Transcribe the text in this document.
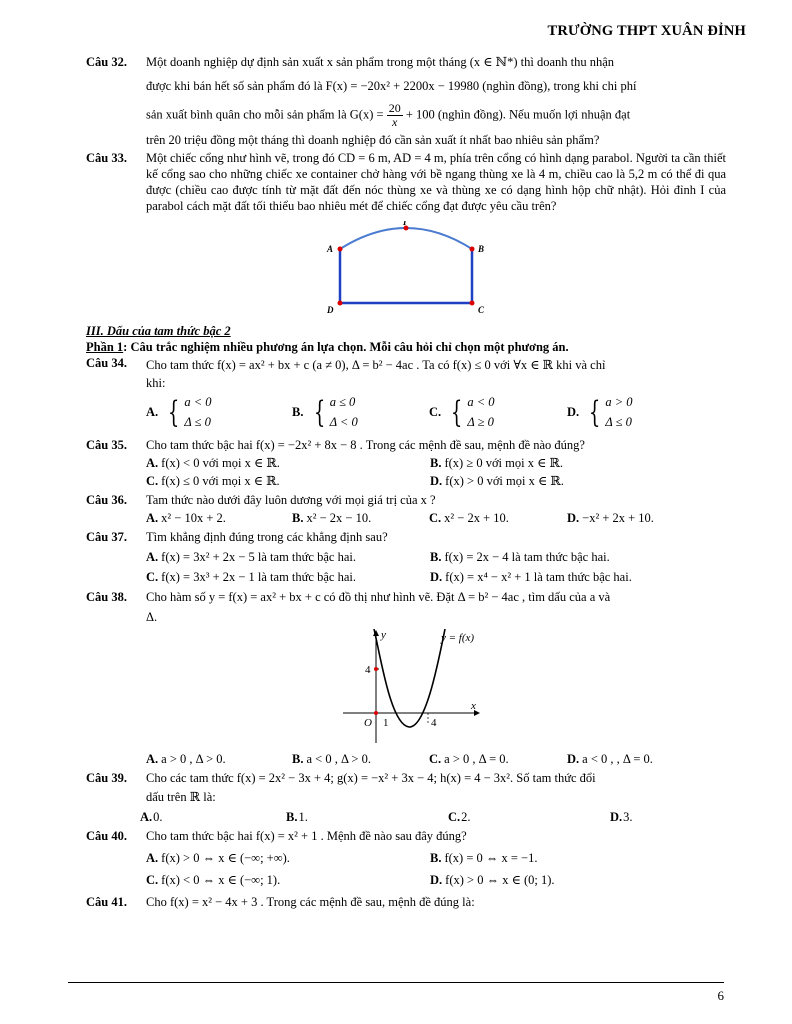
TRƯỜNG THPT XUÂN ĐỈNH
Câu 32. Một doanh nghiệp dự định sản xuất x sản phẩm trong một tháng (x ∈ ℕ*) thì doanh thu nhận
được khi bán hết số sản phẩm đó là F(x) = −20x² + 2200x − 19980 (nghìn đồng), trong khi chi phí
sản xuất bình quân cho mỗi sản phẩm là $G(x) = \frac{20}{x} + 100$ (nghìn đồng). Nếu muốn lợi nhuận đạt
trên 20 triệu đồng một tháng thì doanh nghiệp đó cần sản xuất ít nhất bao nhiêu sản phẩm?
Câu 33. Một chiếc cổng như hình vẽ, trong đó CD = 6 m, AD = 4 m, phía trên cổng có hình dạng parabol. Người ta cần thiết kế cổng sao cho những chiếc xe container chở hàng với bề ngang thùng xe là 4 m, chiều cao là 5,2 m có thể đi qua được (chiều cao được tính từ mặt đất đến nóc thùng xe và thùng xe có dạng hình hộp chữ nhật). Hỏi đỉnh I của parabol cách mặt đất tối thiểu bao nhiêu mét để chiếc cổng đạt được yêu cầu trên?
A	B
D	C
I
III. Dấu của tam thức bậc 2
Phần 1: Câu trắc nghiệm nhiều phương án lựa chọn. Mỗi câu hỏi chỉ chọn một phương án.
Câu 34. Cho tam thức f(x) = ax² + bx + c (a ≠ 0), Δ = b² − 4ac . Ta có f(x) ≤ 0 với ∀x ∈ ℝ khi và chỉ
khi:
A. { a < 0
Δ ≤ 0
B. { a ≤ 0
Δ < 0
C. { a < 0
Δ ≥ 0
D. { a > 0
Δ ≤ 0
Câu 35. Cho tam thức bậc hai f(x) = −2x² + 8x − 8 . Trong các mệnh đề sau, mệnh đề nào đúng?
A. f(x) < 0 với mọi x ∈ ℝ.	B. f(x) ≥ 0 với mọi x ∈ ℝ.
C. f(x) ≤ 0 với mọi x ∈ ℝ.	D. f(x) > 0 với mọi x ∈ ℝ.
Câu 36. Tam thức nào dưới đây luôn dương với mọi giá trị của x ?
A. x² − 10x + 2.	B. x² − 2x − 10.	C. x² − 2x + 10.	D. −x² + 2x + 10.
Câu 37. Tìm khẳng định đúng trong các khẳng định sau?
A. f(x) = 3x² + 2x − 5 là tam thức bậc hai.	B. f(x) = 2x − 4 là tam thức bậc hai.
C. f(x) = 3x³ + 2x − 1 là tam thức bậc hai.	D. f(x) = x⁴ − x² + 1 là tam thức bậc hai.
Câu 38. Cho hàm số y = f(x) = ax² + bx + c có đồ thị như hình vẽ. Đặt Δ = b² − 4ac , tìm dấu của a và
Δ.
y
x
y = f(x)
O 1	4
4
A. a > 0 , Δ > 0.	B. a < 0 , Δ > 0.	C. a > 0 , Δ = 0.	D. a < 0 , , Δ = 0.
Câu 39. Cho các tam thức f(x) = 2x² − 3x + 4; g(x) = −x² + 3x − 4; h(x) = 4 − 3x². Số tam thức đổi
dấu trên ℝ là:
A.0.	B.1.	C.2.	D.3.
Câu 40. Cho tam thức bậc hai f(x) = x² + 1 . Mệnh đề nào sau đây đúng?
A. f(x) > 0 ⇔ x ∈ (−∞; +∞).	B. f(x) = 0 ⇔ x = −1.
C. f(x) < 0 ⇔ x ∈ (−∞; 1).	D. f(x) > 0 ⇔ x ∈ (0; 1).
Câu 41. Cho f(x) = x² − 4x + 3 . Trong các mệnh đề sau, mệnh đề đúng là:
6
